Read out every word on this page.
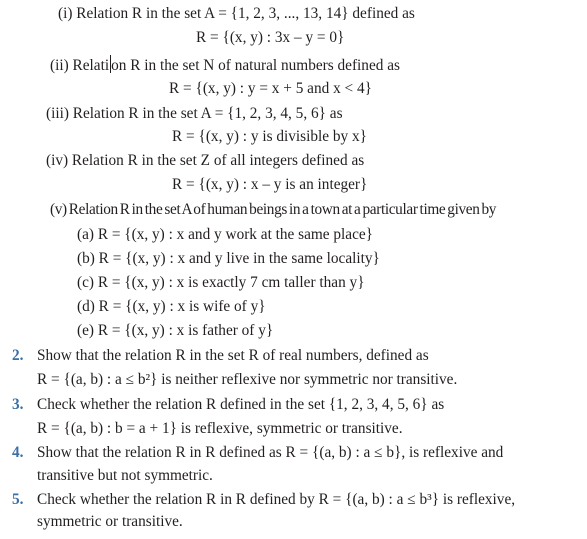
(i) Relation R in the set A = {1, 2, 3, ..., 13, 14} defined as
R = {(x, y) : 3x – y = 0}
(ii) Relati on R in the set N of natural numbers defined as
R = {(x, y) : y = x + 5 and x < 4}
(iii) Relation R in the set A = {1, 2, 3, 4, 5, 6} as
R = {(x, y) : y is divisible by x}
(iv) Relation R in the set Z of all integers defined as
R = {(x, y) : x – y is an integer}
(v) Relation R in the set A of human beings in a town at a particular time given by
(a) R = {(x, y) : x and y work at the same place}
(b) R = {(x, y) : x and y live in the same locality}
(c) R = {(x, y) : x is exactly 7 cm taller than y}
(d) R = {(x, y) : x is wife of y}
(e) R = {(x, y) : x is father of y}
2. Show that the relation R in the set R of real numbers, defined as
R = {(a, b) : a ≤ b²} is neither reflexive nor symmetric nor transitive.
3. Check whether the relation R defined in the set {1, 2, 3, 4, 5, 6} as
R = {(a, b) : b = a + 1} is reflexive, symmetric or transitive.
4. Show that the relation R in R defined as R = {(a, b) : a ≤ b}, is reflexive and
transitive but not symmetric.
5. Check whether the relation R in R defined by R = {(a, b) : a ≤ b³} is reflexive,
symmetric or transitive.
